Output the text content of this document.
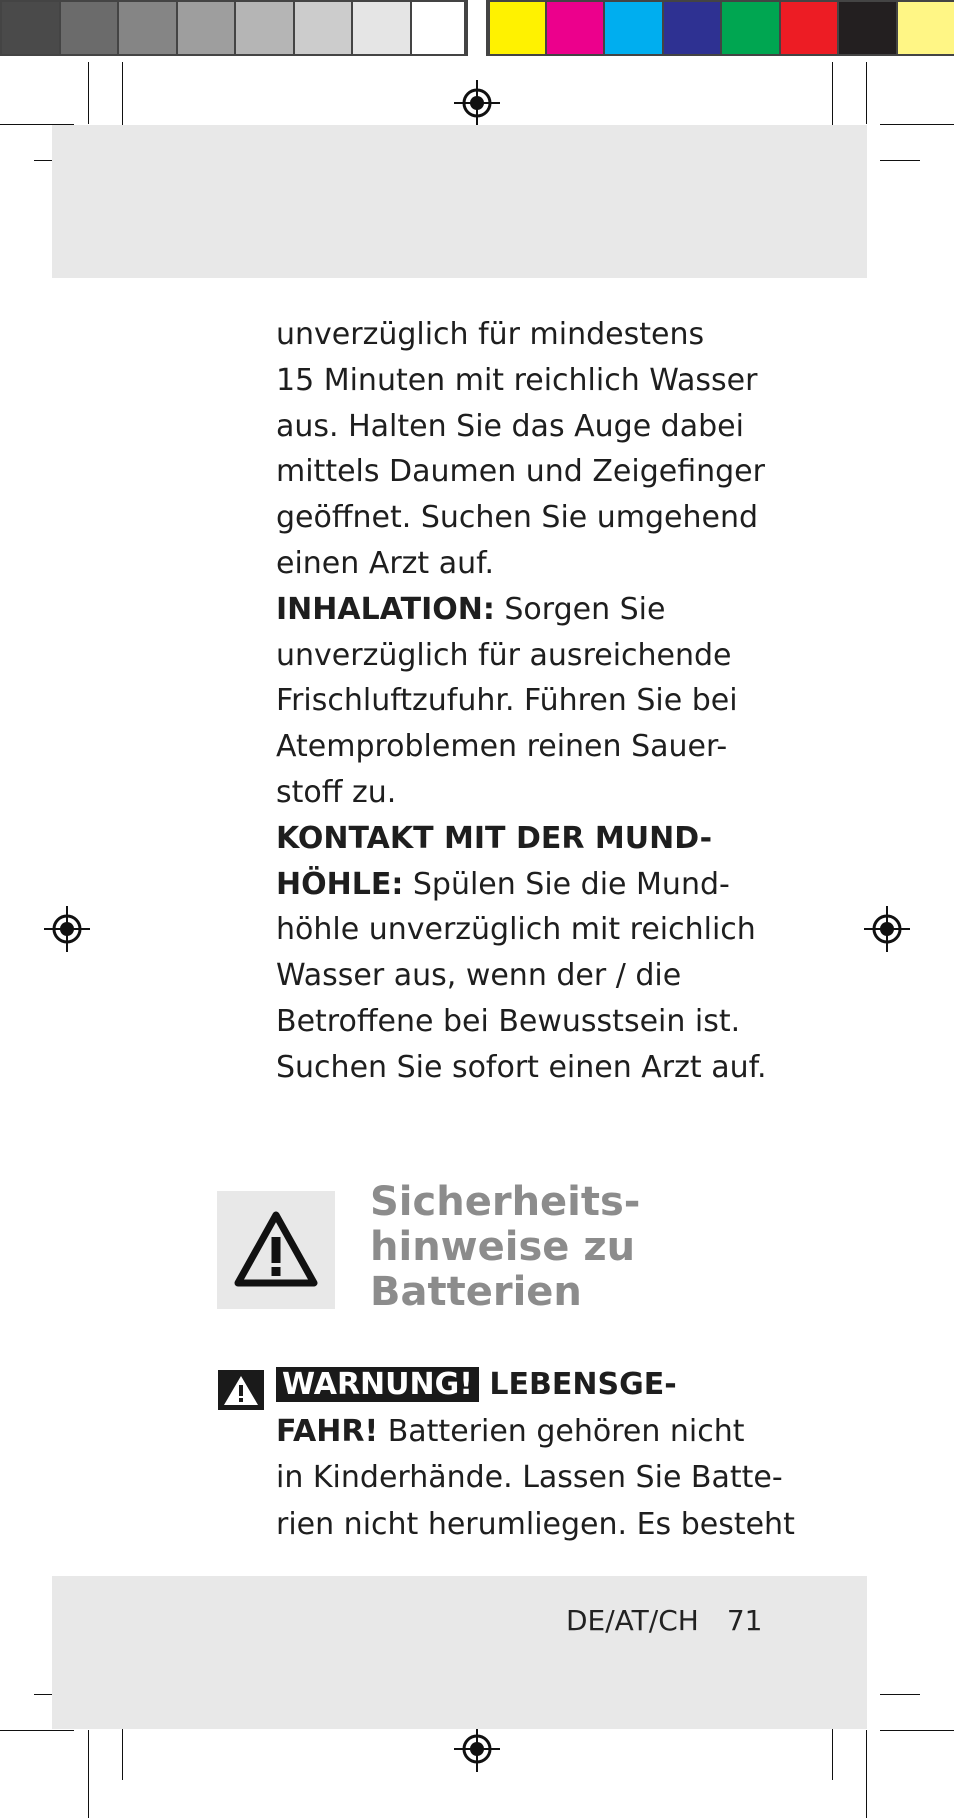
unverzüglich für mindestens
15 Minuten mit reichlich Wasser
aus. Halten Sie das Auge dabei
mittels Daumen und Zeigefinger
geöffnet. Suchen Sie umgehend
einen Arzt auf.
INHALATION: Sorgen Sie
unverzüglich für ausreichende
Frischluftzufuhr. Führen Sie bei
Atemproblemen reinen Sauer-
stoff zu.
KONTAKT MIT DER MUND-
HÖHLE: Spülen Sie die Mund-
höhle unverzüglich mit reichlich
Wasser aus, wenn der / die
Betroffene bei Bewusstsein ist.
Suchen Sie sofort einen Arzt auf.
Sicherheits-
hinweise zu
Batterien
WARNUNG! LEBENSGE-
FAHR! Batterien gehören nicht
in Kinderhände. Lassen Sie Batte-
rien nicht herumliegen. Es besteht
DE/AT/CH 71
